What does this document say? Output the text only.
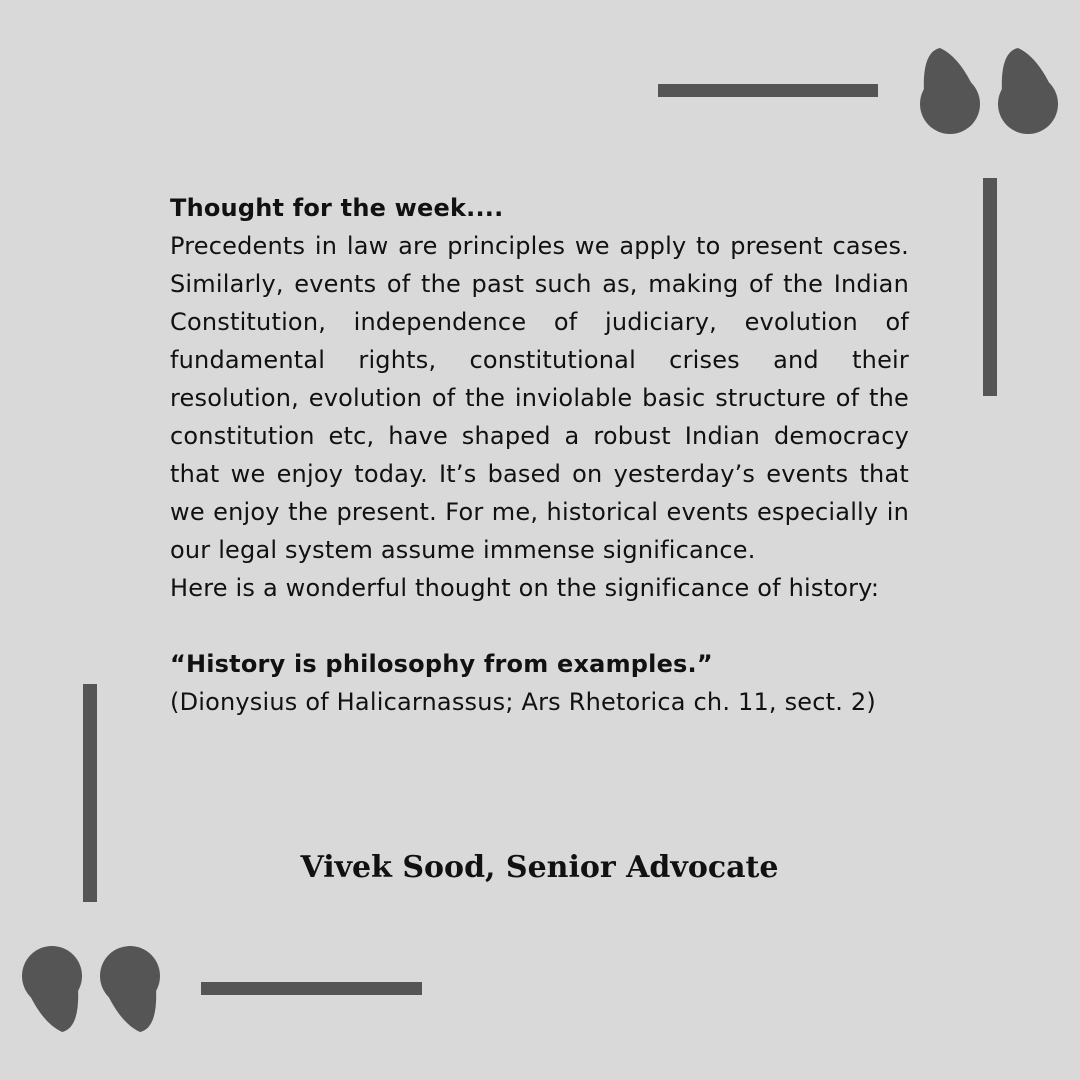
Thought for the week....

Precedents in law are principles we apply to present cases. Similarly, events of the past such as, making of the Indian Constitution, independence of judiciary, evolution of fundamental rights, constitutional crises and their resolution, evolution of the inviolable basic structure of the constitution etc, have shaped a robust Indian democracy that we enjoy today. It’s based on yesterday’s events that we enjoy the present. For me, historical events especially in our legal system assume immense significance.

Here is a wonderful thought on the significance of history:

“History is philosophy from examples.”
(Dionysius of Halicarnassus; Ars Rhetorica ch. 11, sect. 2)
Vivek Sood, Senior Advocate
